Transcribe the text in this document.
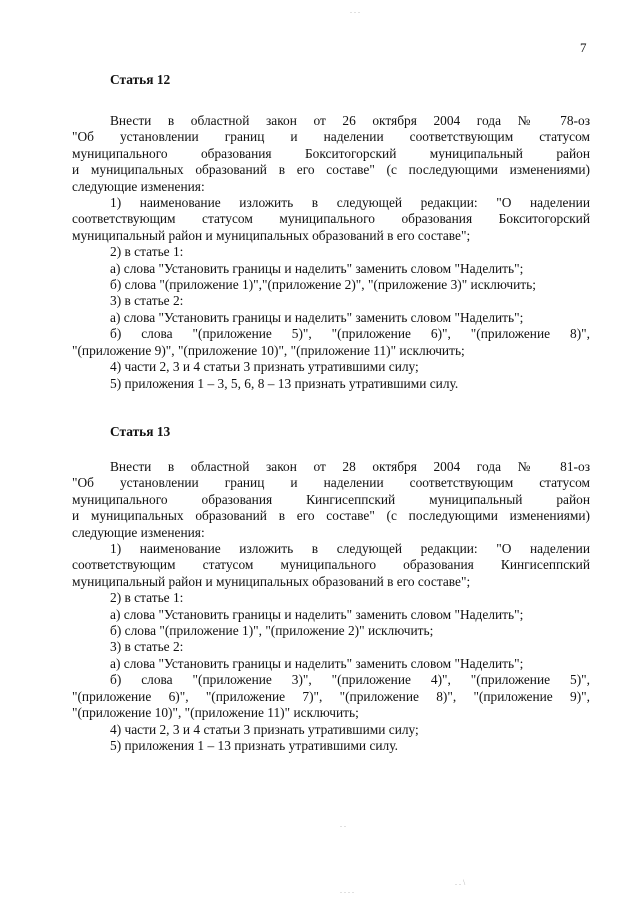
7
Статья 12
Внести в областной закон от 26 октября 2004 года № 78-оз
"Об установлении границ и наделении соответствующим статусом
муниципального образования Бокситогорский муниципальный район
и муниципальных образований в его составе" (с последующими изменениями)
следующие изменения:
1) наименование изложить в следующей редакции: "О наделении
соответствующим статусом муниципального образования Бокситогорский
муниципальный район и муниципальных образований в его составе";
2) в статье 1:
а) слова "Установить границы и наделить" заменить словом "Наделить";
б) слова "(приложение 1)","(приложение 2)", "(приложение 3)" исключить;
3) в статье 2:
а) слова "Установить границы и наделить" заменить словом "Наделить";
б) слова "(приложение 5)", "(приложение 6)", "(приложение 8)",
"(приложение 9)", "(приложение 10)", "(приложение 11)" исключить;
4) части 2, 3 и 4 статьи 3 признать утратившими силу;
5) приложения 1 – 3, 5, 6, 8 – 13 признать утратившими силу.
Статья 13
Внести в областной закон от 28 октября 2004 года № 81-оз
"Об установлении границ и наделении соответствующим статусом
муниципального образования Кингисеппский муниципальный район
и муниципальных образований в его составе" (с последующими изменениями)
следующие изменения:
1) наименование изложить в следующей редакции: "О наделении
соответствующим статусом муниципального образования Кингисеппский
муниципальный район и муниципальных образований в его составе";
2) в статье 1:
а) слова "Установить границы и наделить" заменить словом "Наделить";
б) слова "(приложение 1)", "(приложение 2)" исключить;
3) в статье 2:
а) слова "Установить границы и наделить" заменить словом "Наделить";
б) слова "(приложение 3)", "(приложение 4)", "(приложение 5)",
"(приложение 6)", "(приложение 7)", "(приложение 8)", "(приложение 9)",
"(приложение 10)", "(приложение 11)" исключить;
4) части 2, 3 и 4 статьи 3 признать утратившими силу;
5) приложения 1 – 13 признать утратившими силу.
. . .
. .
. . \
. . . .
